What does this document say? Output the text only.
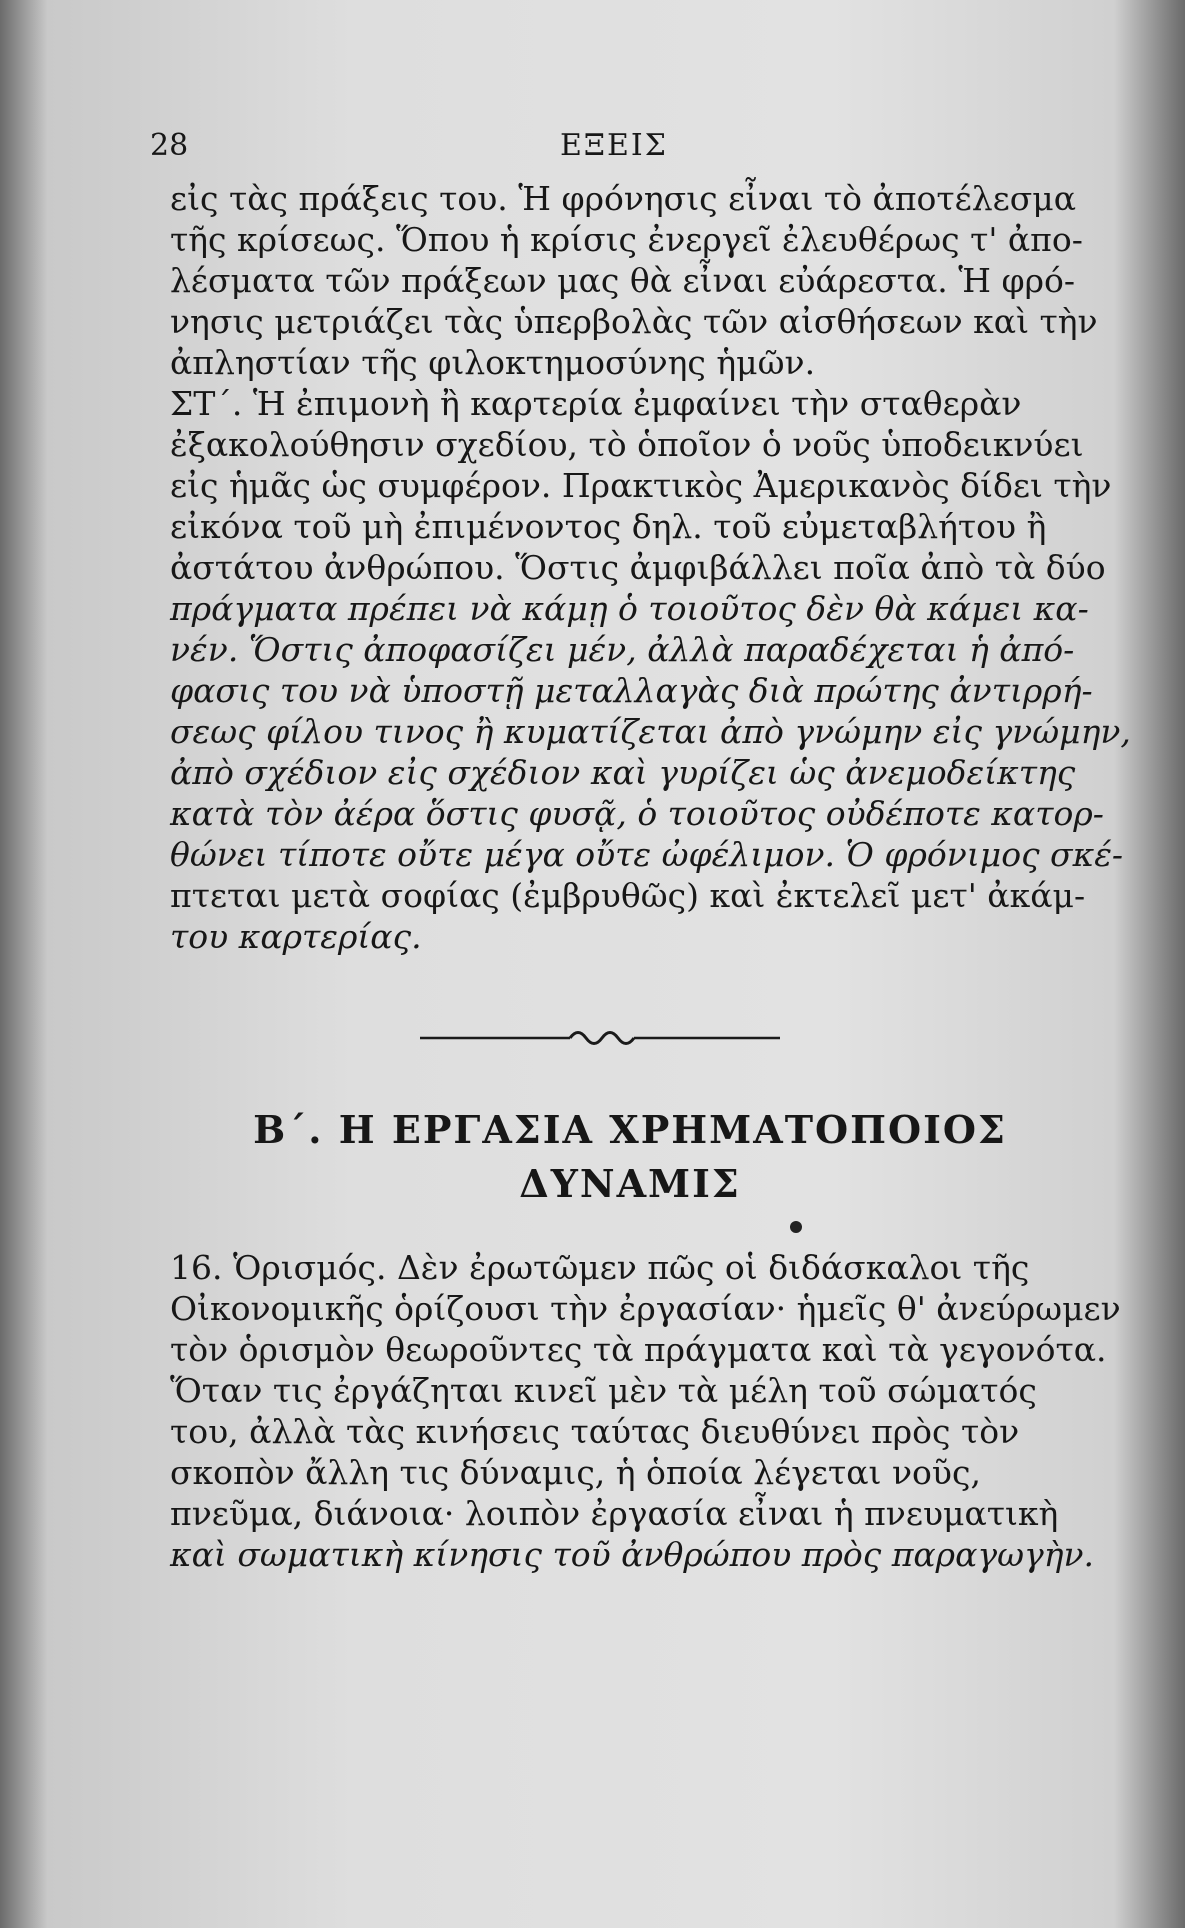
28	ΕΞΕΙΣ

εἰς τὰς πράξεις του. Ἡ φρόνησις εἶναι τὸ ἀποτέλεσμα
τῆς κρίσεως. Ὅπου ἡ κρίσις ἐνεργεῖ ἐλευθέρως τ' ἀπο-
λέσματα τῶν πράξεων μας θὰ εἶναι εὐάρεστα. Ἡ φρό-
νησις μετριάζει τὰς ὑπερβολὰς τῶν αἰσθήσεων καὶ τὴν
ἀπληστίαν τῆς φιλοκτημοσύνης ἡμῶν.

ΣΤ΄. Ἡ ἐπιμονὴ ἢ καρτερία ἐμφαίνει τὴν σταθερὰν
ἐξακολούθησιν σχεδίου, τὸ ὁποῖον ὁ νοῦς ὑποδεικνύει
εἰς ἡμᾶς ὡς συμφέρον. Πρακτικὸς Ἀμερικανὸς δίδει τὴν
εἰκόνα τοῦ μὴ ἐπιμένοντος δηλ. τοῦ εὐμεταβλήτου ἢ
ἀστάτου ἀνθρώπου. Ὅστις ἀμφιβάλλει ποῖα ἀπὸ τὰ δύο
πράγματα πρέπει νὰ κάμῃ ὁ τοιοῦτος δὲν θὰ κάμει κα-
νέν. Ὅστις ἀποφασίζει μέν, ἀλλὰ παραδέχεται ἡ ἀπό-
φασις του νὰ ὑποστῇ μεταλλαγὰς διὰ πρώτης ἀντιρρή-
σεως φίλου τινος ἢ κυματίζεται ἀπὸ γνώμην εἰς γνώμην,
ἀπὸ σχέδιον εἰς σχέδιον καὶ γυρίζει ὡς ἀνεμοδείκτης
κατὰ τὸν ἀέρα ὅστις φυσᾷ, ὁ τοιοῦτος οὐδέποτε κατορ-
θώνει τίποτε οὔτε μέγα οὔτε ὠφέλιμον. Ὁ φρόνιμος σκέ-
πτεται μετὰ σοφίας (ἐμβρυθῶς) καὶ ἐκτελεῖ μετ' ἀκάμ-
του καρτερίας.

Β΄. Η ΕΡΓΑΣΙΑ ΧΡΗΜΑΤΟΠΟΙΟΣ
ΔΥΝΑΜΙΣ

16. Ὁρισμός. Δὲν ἐρωτῶμεν πῶς οἱ διδάσκαλοι τῆς
Οἰκονομικῆς ὁρίζουσι τὴν ἐργασίαν· ἡμεῖς θ' ἀνεύρωμεν
τὸν ὁρισμὸν θεωροῦντες τὰ πράγματα καὶ τὰ γεγονότα.
Ὅταν τις ἐργάζηται κινεῖ μὲν τὰ μέλη τοῦ σώματός
του, ἀλλὰ τὰς κινήσεις ταύτας διευθύνει πρὸς τὸν
σκοπὸν ἄλλη τις δύναμις, ἡ ὁποία λέγεται νοῦς,
πνεῦμα, διάνοια· λοιπὸν ἐργασία εἶναι ἡ πνευματικὴ
καὶ σωματικὴ κίνησις τοῦ ἀνθρώπου πρὸς παραγωγὴν.
